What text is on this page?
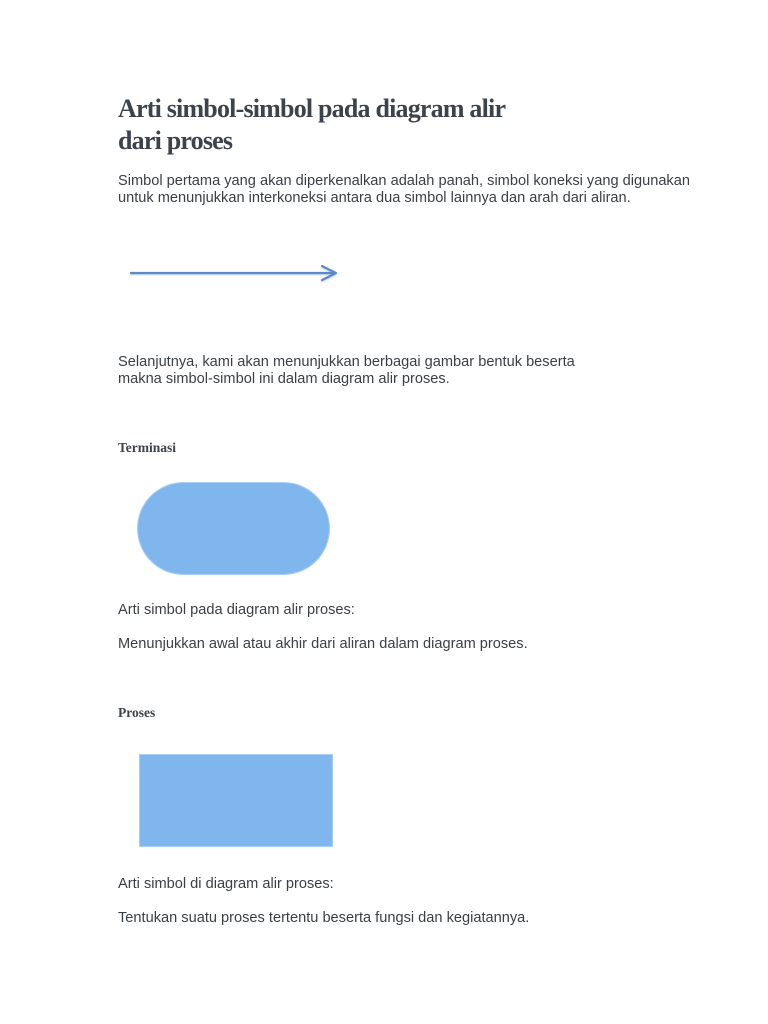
Arti simbol-simbol pada diagram alir
dari proses

Simbol pertama yang akan diperkenalkan adalah panah, simbol koneksi yang digunakan untuk menunjukkan interkoneksi antara dua simbol lainnya dan arah dari aliran.

Selanjutnya, kami akan menunjukkan berbagai gambar bentuk beserta
makna simbol-simbol ini dalam diagram alir proses.

Terminasi

Arti simbol pada diagram alir proses:

Menunjukkan awal atau akhir dari aliran dalam diagram proses.

Proses

Arti simbol di diagram alir proses:

Tentukan suatu proses tertentu beserta fungsi dan kegiatannya.
